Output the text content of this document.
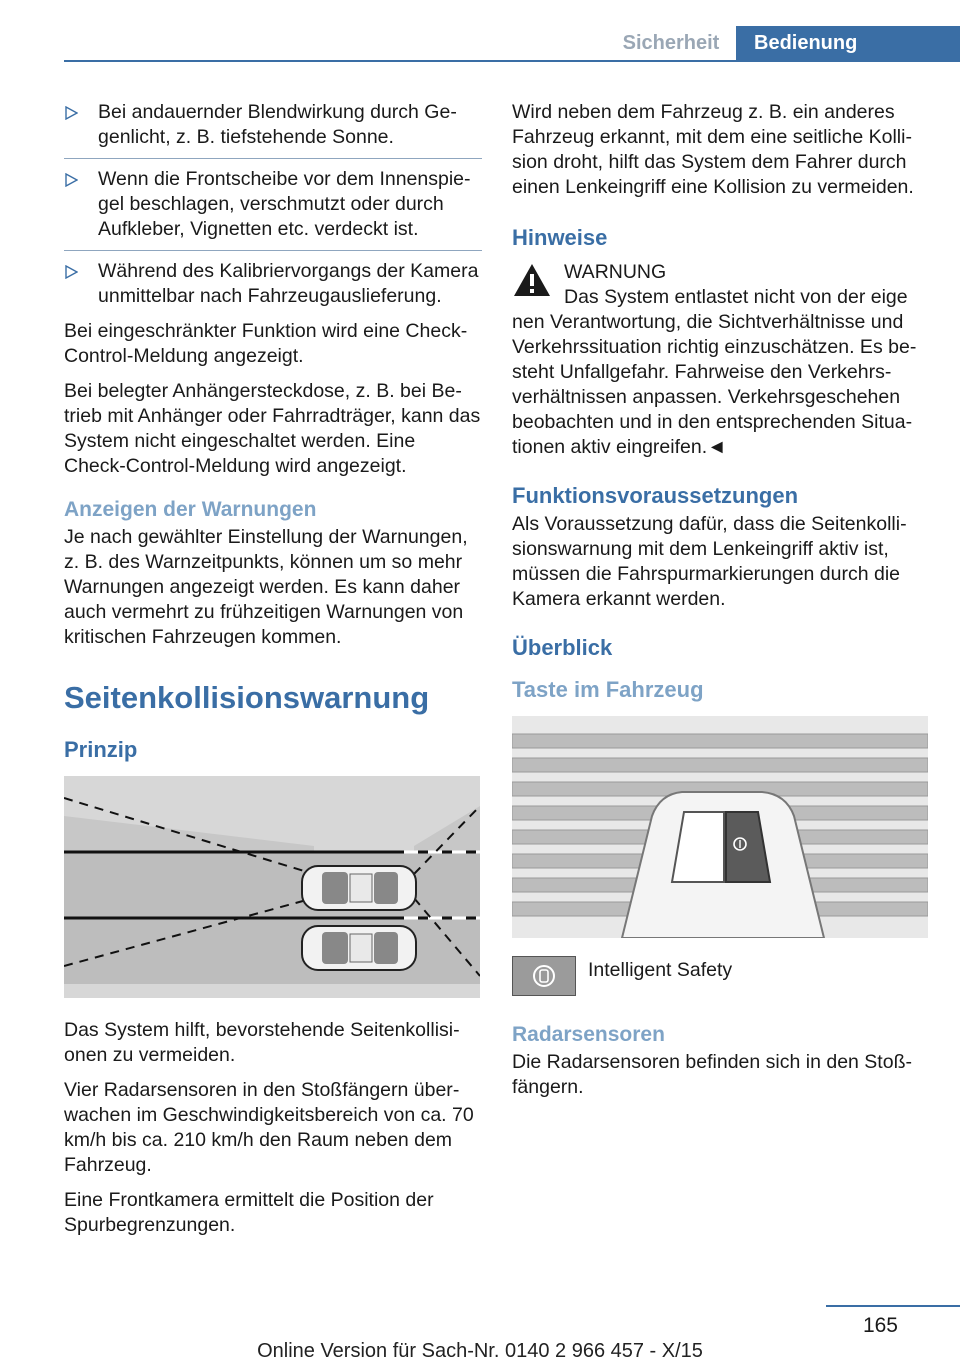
Sicherheit	Bedienung
Bei andauernder Blendwirkung durch Gegenlicht, z. B. tiefstehende Sonne.
Wenn die Frontscheibe vor dem Innenspiegel beschlagen, verschmutzt oder durch Aufkleber, Vignetten etc. verdeckt ist.
Während des Kalibriervorgangs der Kamera unmittelbar nach Fahrzeugauslieferung.

Bei eingeschränkter Funktion wird eine Check-Control-Meldung angezeigt.

Bei belegter Anhängersteckdose, z. B. bei Betrieb mit Anhänger oder Fahrradträger, kann das System nicht eingeschaltet werden. Eine Check-Control-Meldung wird angezeigt.

Anzeigen der Warnungen

Je nach gewählter Einstellung der Warnungen, z. B. des Warnzeitpunkts, können um so mehr Warnungen angezeigt werden. Es kann daher auch vermehrt zu frühzeitigen Warnungen von kritischen Fahrzeugen kommen.

Seitenkollisionswarnung
Prinzip

Das System hilft, bevorstehende Seitenkollisionen zu vermeiden.

Vier Radarsensoren in den Stoßfängern überwachen im Geschwindigkeitsbereich von ca. 70 km/h bis ca. 210 km/h den Raum neben dem Fahrzeug.

Eine Frontkamera ermittelt die Position der Spurbegrenzungen.

Wird neben dem Fahrzeug z. B. ein anderes Fahrzeug erkannt, mit dem eine seitliche Kollision droht, hilft das System dem Fahrer durch einen Lenkeingriff eine Kollision zu vermeiden.

Hinweise
WARNUNG
Das System entlastet nicht von der eige
nen Verantwortung, die Sichtverhältnisse und Verkehrssituation richtig einzuschätzen. Es besteht Unfallgefahr. Fahrweise den Verkehrsverhältnissen anpassen. Verkehrsgeschehen beobachten und in den entsprechenden Situationen aktiv eingreifen.◄
Funktionsvoraussetzungen

Als Voraussetzung dafür, dass die Seitenkollisionswarnung mit dem Lenkeingriff aktiv ist, müssen die Fahrspurmarkierungen durch die Kamera erkannt werden.

Überblick
Taste im Fahrzeug
Intelligent Safety
Radarsensoren

Die Radarsensoren befinden sich in den Stoßfängern.

165
Online Version für Sach-Nr. 0140 2 966 457 - X/15
